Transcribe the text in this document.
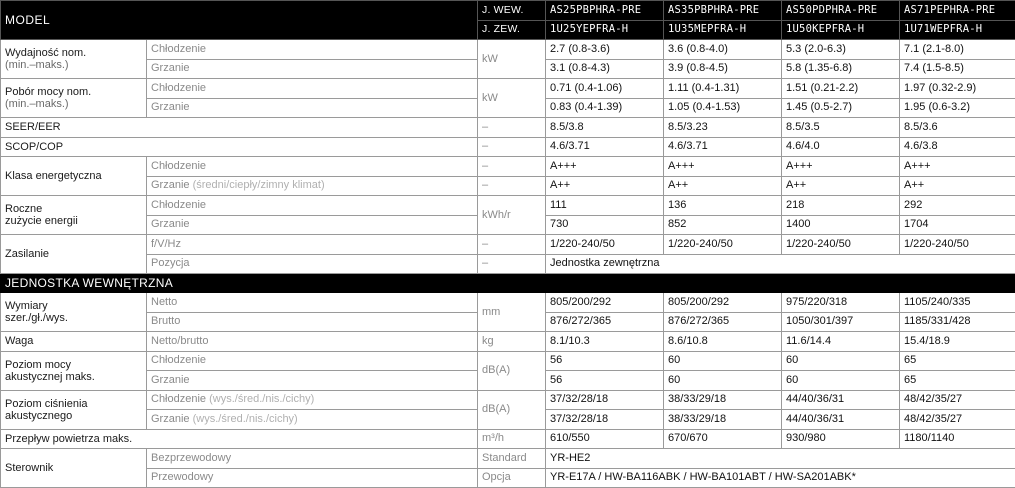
MODEL		J. WEW.	AS25PBPHRA-PRE	AS35PBPHRA-PRE	AS50PDPHRA-PRE	AS71PEPHRA-PRE
		J. ZEW.	1U25YEPFRA-H	1U35MEPFRA-H	1U50KEPFRA-H	1U71WEPFRA-H
Wydajność nom.
(min.–maks.)	Chłodzenie	kW	2.7 (0.8-3.6)	3.6 (0.8-4.0)	5.3 (2.0-6.3)	7.1 (2.1-8.0)
	Grzanie		3.1 (0.8-4.3)	3.9 (0.8-4.5)	5.8 (1.35-6.8)	7.4 (1.5-8.5)
Pobór mocy nom.
(min.–maks.)	Chłodzenie	kW	0.71 (0.4-1.06)	1.11 (0.4-1.31)	1.51 (0.21-2.2)	1.97 (0.32-2.9)
	Grzanie		0.83 (0.4-1.39)	1.05 (0.4-1.53)	1.45 (0.5-2.7)	1.95 (0.6-3.2)
SEER/EER		–	8.5/3.8	8.5/3.23	8.5/3.5	8.5/3.6
SCOP/COP		–	4.6/3.71	4.6/3.71	4.6/4.0	4.6/3.8
Klasa energetyczna	Chłodzenie	–	A+++	A+++	A+++	A+++
	Grzanie (średni/ciepły/zimny klimat)	–	A++	A++	A++	A++
Roczne
zużycie energii	Chłodzenie	kWh/r	111	136	218	292
	Grzanie		730	852	1400	1704
Zasilanie	f/V/Hz	–	1/220-240/50	1/220-240/50	1/220-240/50	1/220-240/50
	Pozycja	–	Jednostka zewnętrzna			
JEDNOSTKA WEWNĘTRZNA						
Wymiary
szer./gł./wys.	Netto	mm	805/200/292	805/200/292	975/220/318	1105/240/335
	Brutto		876/272/365	876/272/365	1050/301/397	1185/331/428
Waga	Netto/brutto	kg	8.1/10.3	8.6/10.8	11.6/14.4	15.4/18.9
Poziom mocy
akustycznej maks.	Chłodzenie	dB(A)	56	60	60	65
	Grzanie		56	60	60	65
Poziom ciśnienia
akustycznego	Chłodzenie (wys./śred./nis./cichy)	dB(A)	37/32/28/18	38/33/29/18	44/40/36/31	48/42/35/27
	Grzanie (wys./śred./nis./cichy)		37/32/28/18	38/33/29/18	44/40/36/31	48/42/35/27
Przepływ powietrza maks.		m³/h	610/550	670/670	930/980	1180/1140
Sterownik	Bezprzewodowy	Standard	YR-HE2			
	Przewodowy	Opcja	YR-E17A / HW-BA116ABK / HW-BA101ABT / HW-SA201ABK*			
